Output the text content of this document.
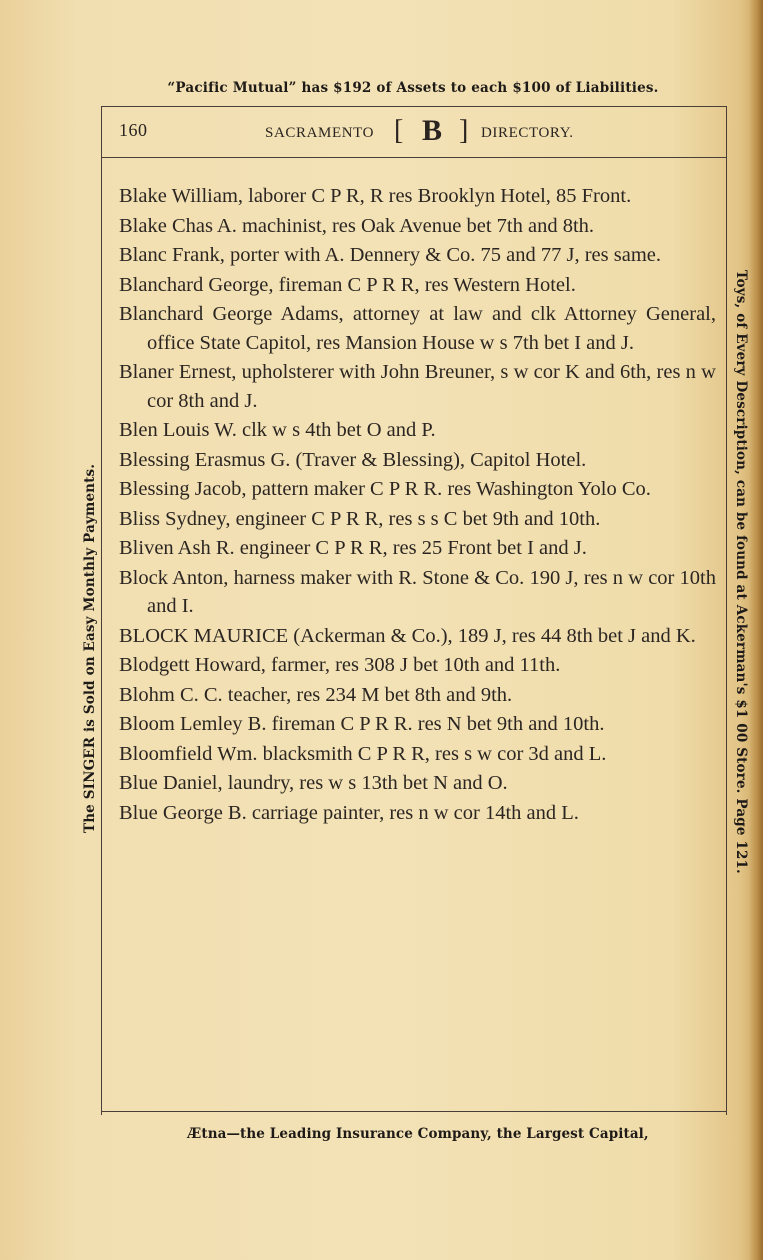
“Pacific Mutual” has $192 of Assets to each $100 of Liabilities.
160	SACRAMENTO [ B ] DIRECTORY.

Blake William, laborer C P R, R res Brooklyn Hotel, 85 Front.

Blake Chas A. machinist, res Oak Avenue bet 7th and 8th.

Blanc Frank, porter with A. Dennery & Co. 75 and 77 J, res same.

Blanchard George, fireman C P R R, res Western Hotel.

Blanchard George Adams, attorney at law and clk Attorney General, office State Capitol, res Mansion House w s 7th bet I and J.

Blaner Ernest, upholsterer with John Breuner, s w cor K and 6th, res n w cor 8th and J.

Blen Louis W. clk w s 4th bet O and P.

Blessing Erasmus G. (Traver & Blessing), Capitol Hotel.

Blessing Jacob, pattern maker C P R R. res Washington Yolo Co.

Bliss Sydney, engineer C P R R, res s s C bet 9th and 10th.

Bliven Ash R. engineer C P R R, res 25 Front bet I and J.

Block Anton, harness maker with R. Stone & Co. 190 J, res n w cor 10th and I.

BLOCK MAURICE (Ackerman & Co.), 189 J, res 44 8th bet J and K.

Blodgett Howard, farmer, res 308 J bet 10th and 11th.

Blohm C. C. teacher, res 234 M bet 8th and 9th.

Bloom Lemley B. fireman C P R R. res N bet 9th and 10th.

Bloomfield Wm. blacksmith C P R R, res s w cor 3d and L.

Blue Daniel, laundry, res w s 13th bet N and O.

Blue George B. carriage painter, res n w cor 14th and L.

The SINGER is Sold on Easy Monthly Payments.	Toys, of Every Description, can be found at Ackerman's $1 00 Store. Page 121.
Ætna—the Leading Insurance Company, the Largest Capital,
